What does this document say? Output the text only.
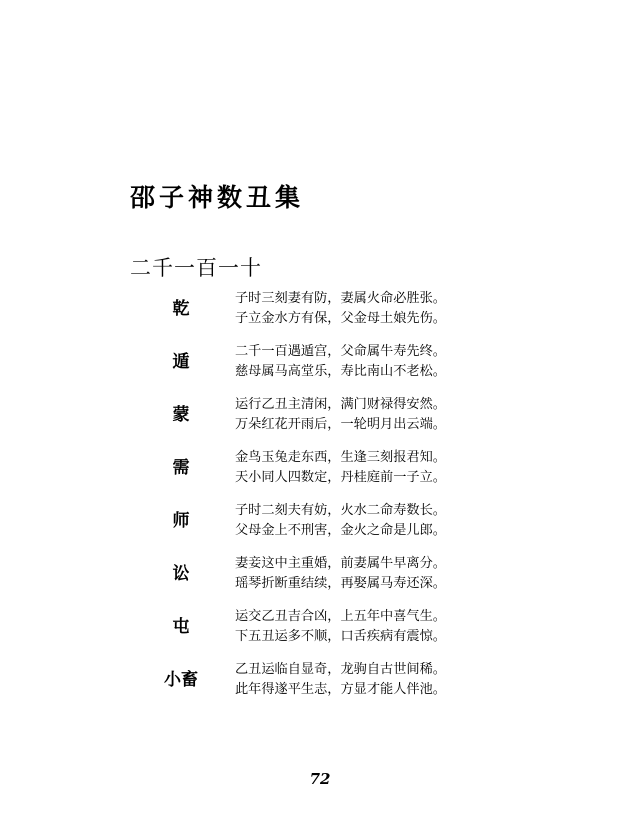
邵子神数丑集
二千一百一十
乾
子时三刻妻有防，妻属火命必胜张。
子立金水方有保，父金母土娘先伤。
遁
二千一百遇遁宫，父命属牛寿先终。
慈母属马高堂乐，寿比南山不老松。
蒙
运行乙丑主清闲，满门财禄得安然。
万朵红花开雨后，一轮明月出云端。
需
金鸟玉兔走东西，生逢三刻报君知。
天小同人四数定，丹桂庭前一子立。
师
子时二刻夫有妨，火水二命寿数长。
父母金上不刑害，金火之命是儿郎。
讼
妻妾这中主重婚，前妻属牛早离分。
瑶琴折断重结续，再娶属马寿还深。
屯
运交乙丑吉合凶，上五年中喜气生。
下五丑运多不顺，口舌疾病有震惊。
小畜
乙丑运临自显奇，龙驹自古世间稀。
此年得遂平生志，方显才能人伴池。
72
